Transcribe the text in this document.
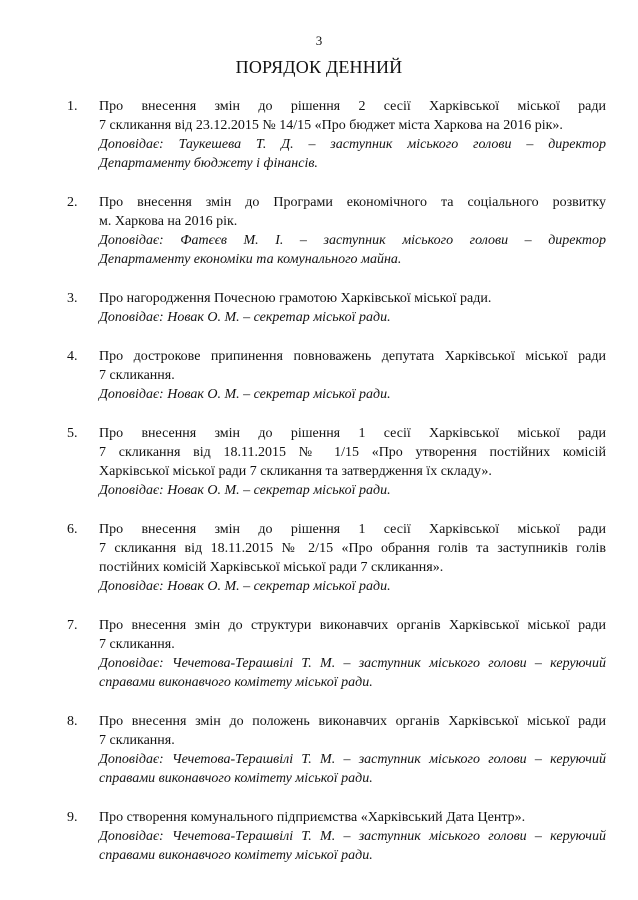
3
ПОРЯДОК ДЕННИЙ
1. Про внесення змін до рішення 2 сесії Харківської міської ради
7 скликання від 23.12.2015 № 14/15 «Про бюджет міста Харкова на 2016 рік».
Доповідає: Таукешева Т. Д. – заступник міського голови – директор
Департаменту бюджету і фінансів.
2. Про внесення змін до Програми економічного та соціального розвитку
м. Харкова на 2016 рік.
Доповідає: Фатєєв М. І. – заступник міського голови – директор
Департаменту економіки та комунального майна.
3. Про нагородження Почесною грамотою Харківської міської ради.
Доповідає: Новак О. М. – секретар міської ради.
4. Про дострокове припинення повноважень депутата Харківської міської ради
7 скликання.
Доповідає: Новак О. М. – секретар міської ради.
5. Про внесення змін до рішення 1 сесії Харківської міської ради
7 скликання від 18.11.2015 № 1/15 «Про утворення постійних комісій
Харківської міської ради 7 скликання та затвердження їх складу».
Доповідає: Новак О. М. – секретар міської ради.
6. Про внесення змін до рішення 1 сесії Харківської міської ради
7 скликання від 18.11.2015 № 2/15 «Про обрання голів та заступників голів
постійних комісій Харківської міської ради 7 скликання».
Доповідає: Новак О. М. – секретар міської ради.
7. Про внесення змін до структури виконавчих органів Харківської міської ради
7 скликання.
Доповідає: Чечетова-Терашвілі Т. М. – заступник міського голови – керуючий
справами виконавчого комітету міської ради.
8. Про внесення змін до положень виконавчих органів Харківської міської ради
7 скликання.
Доповідає: Чечетова-Терашвілі Т. М. – заступник міського голови – керуючий
справами виконавчого комітету міської ради.
9. Про створення комунального підприємства «Харківський Дата Центр».
Доповідає: Чечетова-Терашвілі Т. М. – заступник міського голови – керуючий
справами виконавчого комітету міської ради.
